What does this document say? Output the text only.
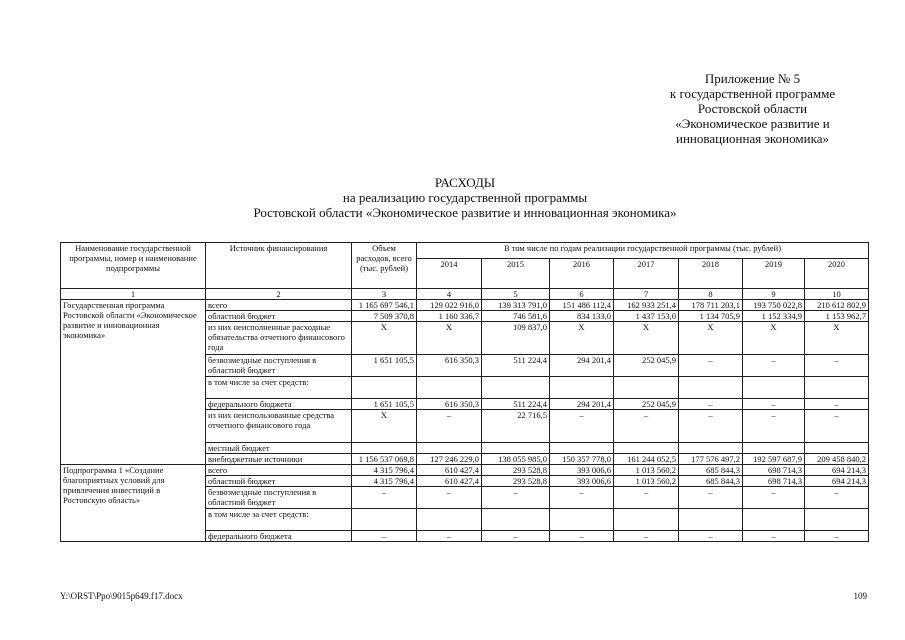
Приложение № 5
к государственной программе
Ростовской области
«Экономическое развитие и
инновационная экономика»
РАСХОДЫ
на реализацию государственной программы
Ростовской области «Экономическое развитие и инновационная экономика»
Наименование государственной программы, номер и наименование подпрограммы	Источник финансирования	Объем расходов, всего (тыс. рублей)	В том числе по годам реализации государственной программы (тыс. рублей)						
			2014	2015	2016	2017	2018	2019	2020
1	2	3	4	5	6	7	8	9	10
Государственная программа Ростовской области «Экономическое развитие и инновационная экономика»	всего	1 165 697 546,1	129 022 916,0	139 313 791,0	151 486 112,4	162 933 251,4	178 711 203,1	193 750 022,8	210 612 802,9
	областной бюджет	7 509 370,8	1 160 336,7	746 581,6	834 133,0	1 437 153,0	1 134 705,9	1 152 334,9	1 153 962,7
	из них неисполненные расходные обязательства отчетного финансового года	X	X	109 837,0	X	X	X	X	X
	безвозмездные поступления в областной бюджет	1 651 105,5	616 350,3	511 224,4	294 201,4	252 045,9	–	–	–
	в том числе за счет средств:								
	федерального бюджета	1 651 105,5	616 350,3	511 224,4	294 201,4	252 045,9	–	–	–
	из них неиспользованные средства отчетного финансового года	X	–	22 716,5	–	–	–	–	–
	местный бюджет								
	внебюджетные источники	1 156 537 069,8	127 246 229,0	138 055 985,0	150 357 778,0	161 244 052,5	177 576 497,2	192 597 687,9	209 458 840,2
Подпрограмма 1 «Создание благоприятных условий для привлечения инвестиций в Ростовскую область»	всего	4 315 796,4	610 427,4	293 528,8	393 006,6	1 013 560,2	685 844,3	698 714,3	694 214,3
	областной бюджет	4 315 796,4	610 427,4	293 528,8	393 006,6	1 013 560,2	685 844,3	698 714,3	694 214,3
	безвозмездные поступления в областной бюджет	–	–	–	–	–	–	–	–
	в том числе за счет средств:								
	федерального бюджета	–	–	–	–	–	–	–	–
Y:\ORST\Ppo\9015p649.f17.docx	109
